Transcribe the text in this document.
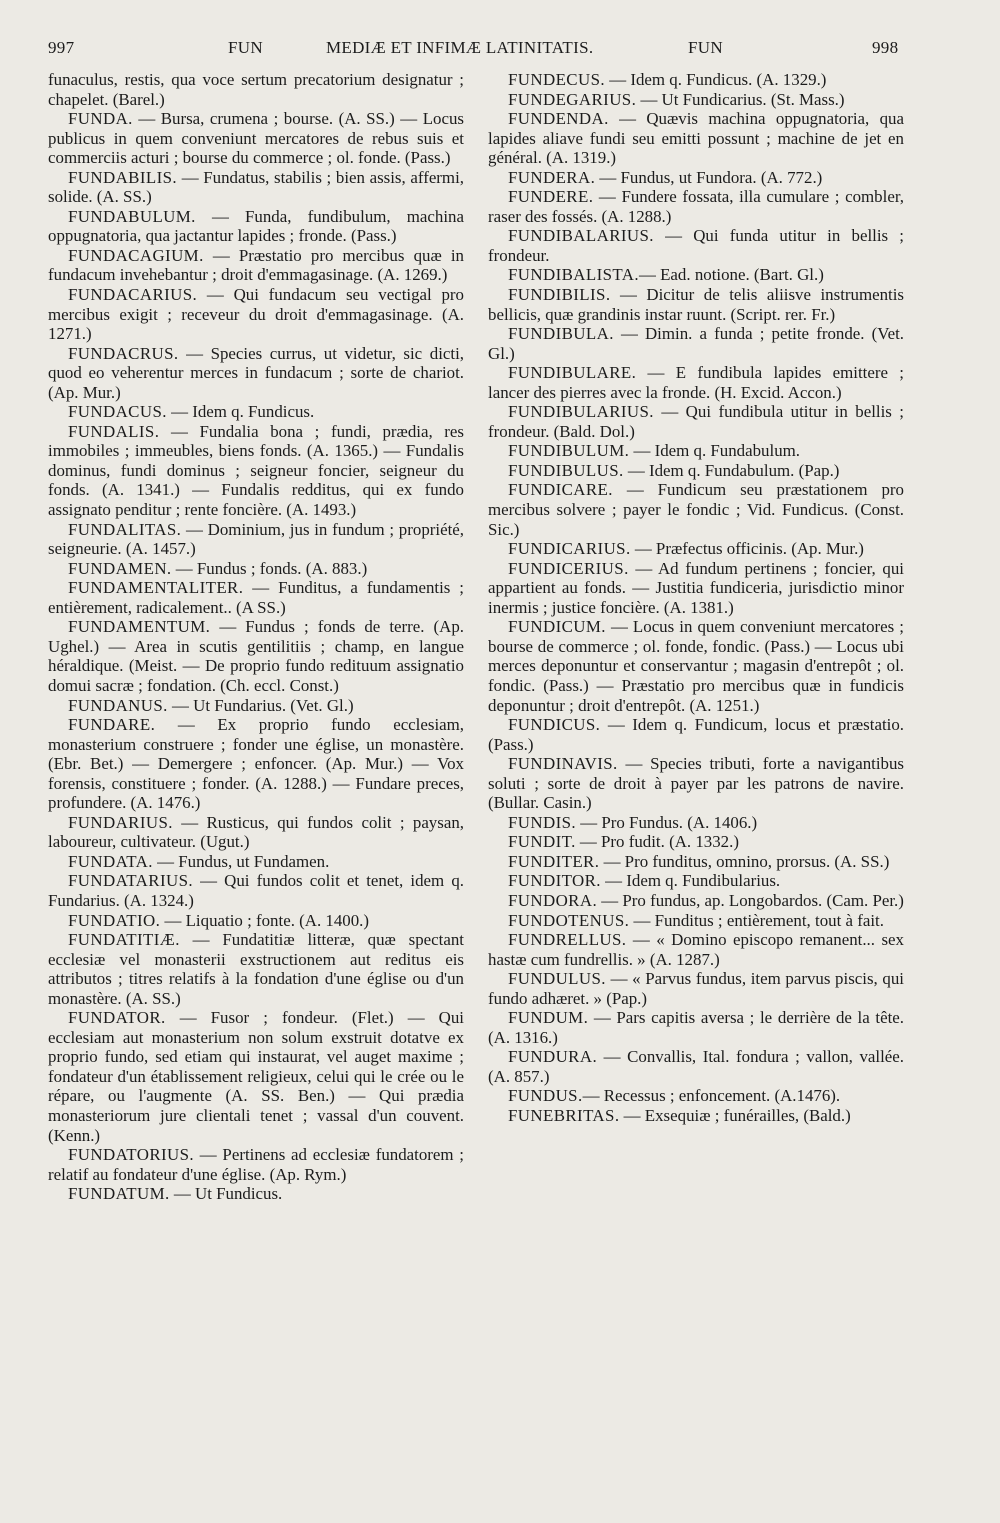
997	FUN	MEDIÆ ET INFIMÆ LATINITATIS.	FUN	998

funaculus, restis, qua voce sertum precatorium designatur ; chapelet. (Barel.)

FUNDA. — Bursa, crumena ; bourse. (A. SS.) — Locus publicus in quem conveniunt mercatores de rebus suis et commerciis acturi ; bourse du commerce ; ol. fonde. (Pass.)

FUNDABILIS. — Fundatus, stabilis ; bien assis, affermi, solide. (A. SS.)

FUNDABULUM. — Funda, fundibulum, machina oppugnatoria, qua jactantur lapides ; fronde. (Pass.)

FUNDACAGIUM. — Præstatio pro mercibus quæ in fundacum invehebantur ; droit d'emmagasinage. (A. 1269.)

FUNDACARIUS. — Qui fundacum seu vectigal pro mercibus exigit ; receveur du droit d'emmagasinage. (A. 1271.)

FUNDACRUS. — Species currus, ut videtur, sic dicti, quod eo veherentur merces in fundacum ; sorte de chariot. (Ap. Mur.)

FUNDACUS. — Idem q. Fundicus.

FUNDALIS. — Fundalia bona ; fundi, prædia, res immobiles ; immeubles, biens fonds. (A. 1365.) — Fundalis dominus, fundi dominus ; seigneur foncier, seigneur du fonds. (A. 1341.) — Fundalis redditus, qui ex fundo assignato penditur ; rente foncière. (A. 1493.)

FUNDALITAS. — Dominium, jus in fundum ; propriété, seigneurie. (A. 1457.)

FUNDAMEN. — Fundus ; fonds. (A. 883.)

FUNDAMENTALITER. — Funditus, a fundamentis ; entièrement, radicalement.. (A SS.)

FUNDAMENTUM. — Fundus ; fonds de terre. (Ap. Ughel.) — Area in scutis gentilitiis ; champ, en langue héraldique. (Meist. — De proprio fundo redituum assignatio domui sacræ ; fondation. (Ch. eccl. Const.)

FUNDANUS. — Ut Fundarius. (Vet. Gl.)

FUNDARE. — Ex proprio fundo ecclesiam, monasterium construere ; fonder une église, un monastère. (Ebr. Bet.) — Demergere ; enfoncer. (Ap. Mur.) — Vox forensis, constituere ; fonder. (A. 1288.) — Fundare preces, profundere. (A. 1476.)

FUNDARIUS. — Rusticus, qui fundos colit ; paysan, laboureur, cultivateur. (Ugut.)

FUNDATA. — Fundus, ut Fundamen.

FUNDATARIUS. — Qui fundos colit et tenet, idem q. Fundarius. (A. 1324.)

FUNDATIO. — Liquatio ; fonte. (A. 1400.)

FUNDATITIÆ. — Fundatitiæ litteræ, quæ spectant ecclesiæ vel monasterii exstructionem aut reditus eis attributos ; titres relatifs à la fondation d'une église ou d'un monastère. (A. SS.)

FUNDATOR. — Fusor ; fondeur. (Flet.) — Qui ecclesiam aut monasterium non solum exstruit dotatve ex proprio fundo, sed etiam qui instaurat, vel auget maxime ; fondateur d'un établissement religieux, celui qui le crée ou le répare, ou l'augmente (A. SS. Ben.) — Qui prædia monasteriorum jure clientali tenet ; vassal d'un couvent. (Kenn.)

FUNDATORIUS. — Pertinens ad ecclesiæ fundatorem ; relatif au fondateur d'une église. (Ap. Rym.)

FUNDATUM. — Ut Fundicus.

FUNDECUS. — Idem q. Fundicus. (A. 1329.)

FUNDEGARIUS. — Ut Fundicarius. (St. Mass.)

FUNDENDA. — Quævis machina oppugnatoria, qua lapides aliave fundi seu emitti possunt ; machine de jet en général. (A. 1319.)

FUNDERA. — Fundus, ut Fundora. (A. 772.)

FUNDERE. — Fundere fossata, illa cumulare ; combler, raser des fossés. (A. 1288.)

FUNDIBALARIUS. — Qui funda utitur in bellis ; frondeur.

FUNDIBALISTA.— Ead. notione. (Bart. Gl.)

FUNDIBILIS. — Dicitur de telis aliisve instrumentis bellicis, quæ grandinis instar ruunt. (Script. rer. Fr.)

FUNDIBULA. — Dimin. a funda ; petite fronde. (Vet. Gl.)

FUNDIBULARE. — E fundibula lapides emittere ; lancer des pierres avec la fronde. (H. Excid. Accon.)

FUNDIBULARIUS. — Qui fundibula utitur in bellis ; frondeur. (Bald. Dol.)

FUNDIBULUM. — Idem q. Fundabulum.

FUNDIBULUS. — Idem q. Fundabulum. (Pap.)

FUNDICARE. — Fundicum seu præstationem pro mercibus solvere ; payer le fondic ; Vid. Fundicus. (Const. Sic.)

FUNDICARIUS. — Præfectus officinis. (Ap. Mur.)

FUNDICERIUS. — Ad fundum pertinens ; foncier, qui appartient au fonds. — Justitia fundiceria, jurisdictio minor inermis ; justice foncière. (A. 1381.)

FUNDICUM. — Locus in quem conveniunt mercatores ; bourse de commerce ; ol. fonde, fondic. (Pass.) — Locus ubi merces deponuntur et conservantur ; magasin d'entrepôt ; ol. fondic. (Pass.) — Præstatio pro mercibus quæ in fundicis deponuntur ; droit d'entrepôt. (A. 1251.)

FUNDICUS. — Idem q. Fundicum, locus et præstatio. (Pass.)

FUNDINAVIS. — Species tributi, forte a navigantibus soluti ; sorte de droit à payer par les patrons de navire. (Bullar. Casin.)

FUNDIS. — Pro Fundus. (A. 1406.)

FUNDIT. — Pro fudit. (A. 1332.)

FUNDITER. — Pro funditus, omnino, prorsus. (A. SS.)

FUNDITOR. — Idem q. Fundibularius.

FUNDORA. — Pro fundus, ap. Longobardos. (Cam. Per.)

FUNDOTENUS. — Funditus ; entièrement, tout à fait.

FUNDRELLUS. — « Domino episcopo remanent... sex hastæ cum fundrellis. » (A. 1287.)

FUNDULUS. — « Parvus fundus, item parvus piscis, qui fundo adhæret. » (Pap.)

FUNDUM. — Pars capitis aversa ; le derrière de la tête. (A. 1316.)

FUNDURA. — Convallis, Ital. fondura ; vallon, vallée. (A. 857.)

FUNDUS.— Recessus ; enfoncement. (A.1476).

FUNEBRITAS. — Exsequiæ ; funérailles, (Bald.)
